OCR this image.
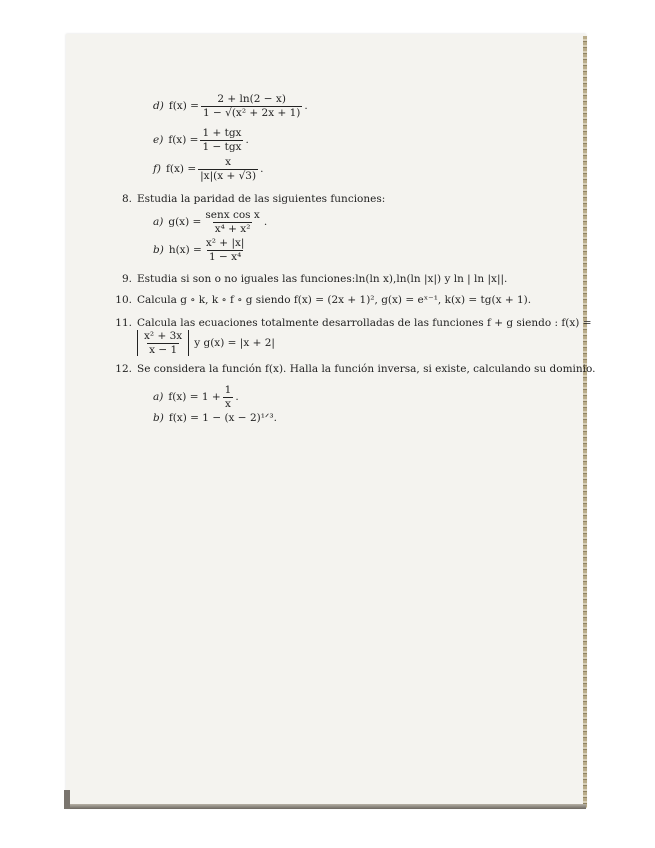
d) $f(x) = \frac{2 + \ln(2 - x)}{\text{1 − √(x² + 2x + 1)}}$ .
e) $f(x) = \frac{\text{1 + tgx}}{\text{1 − tgx}}$ .
f) $f(x) = \frac{x}{|x|(x + √3)}$ .
8. Estudia la paridad de las siguientes funciones:
a) $g(x) = \frac{\text{senx cos x}}{\text{x⁴ + x²}}$ .
b) $h(x) = \frac{\text{x² + |x|}}{\text{1 − x⁴}}$
9. Estudia si son o no iguales las funciones:ln(ln x),ln(ln |x|) y ln | ln |x||.
10. Calcula g ∘ k, k ∘ f ∘ g siendo f(x) = (2x + 1)², g(x) = eˣ⁻¹, k(x) = tg(x + 1).
11. Calcula las ecuaciones totalmente desarrolladas de las funciones f + g siendo : f(x) =
$\frac{\text{x² + 3x}}{x - 1}$ y g(x) = |x + 2|
12. Se considera la función f(x). Halla la función inversa, si existe, calculando su dominio.
a) $f(x) = 1 + \frac{1}{x}$ .
b) f(x) = 1 − (x − 2)¹ᐟ³.
